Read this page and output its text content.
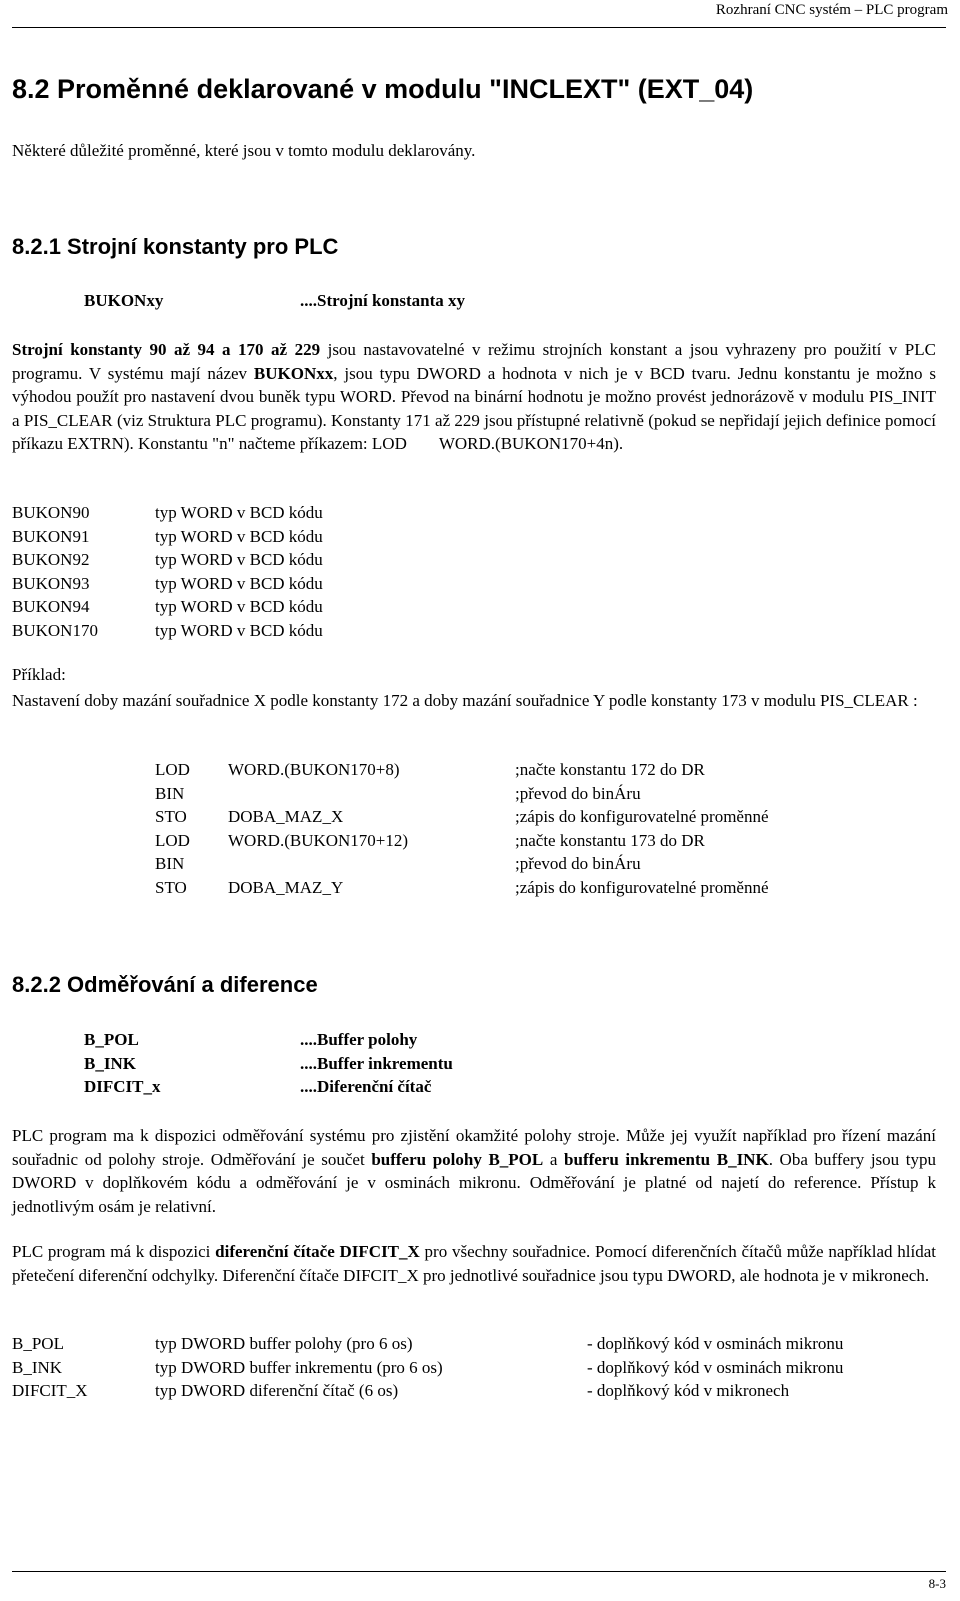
Rozhraní CNC systém – PLC program
8.2 Proměnné deklarované v modulu "INCLEXT" (EXT_04)
Některé důležité proměnné, které jsou v tomto modulu deklarovány.
8.2.1 Strojní konstanty pro PLC
BUKONxy	....Strojní konstanta xy
Strojní konstanty 90 až 94 a 170 až 229 jsou nastavovatelné v režimu strojních konstant a jsou vyhrazeny pro použití v PLC programu. V systému mají název BUKONxx, jsou typu DWORD a hodnota v nich je v BCD tvaru. Jednu konstantu je možno s výhodou použít pro nastavení dvou buněk typu WORD. Převod na binární hodnotu je možno provést jednorázově v modulu PIS_INIT a PIS_CLEAR (viz Struktura PLC programu). Konstanty 171 až 229 jsou přístupné relativně (pokud se nepřidají jejich definice pomocí příkazu EXTRN). Konstantu "n" načteme příkazem: LOD WORD.(BUKON170+4n).
BUKON90	typ WORD v BCD kódu
BUKON91	typ WORD v BCD kódu
BUKON92	typ WORD v BCD kódu
BUKON93	typ WORD v BCD kódu
BUKON94	typ WORD v BCD kódu
BUKON170	typ WORD v BCD kódu
Příklad:
Nastavení doby mazání souřadnice X podle konstanty 172 a doby mazání souřadnice Y podle konstanty 173 v modulu PIS_CLEAR :
LOD	WORD.(BUKON170+8)	;načte konstantu 172 do DR
BIN		;převod do binÁru
STO	DOBA_MAZ_X	;zápis do konfigurovatelné proměnné
LOD	WORD.(BUKON170+12)	;načte konstantu 173 do DR
BIN		;převod do binÁru
STO	DOBA_MAZ_Y	;zápis do konfigurovatelné proměnné
8.2.2 Odměřování a diference
B_POL	....Buffer polohy
B_INK	....Buffer inkrementu
DIFCIT_x	....Diferenční čítač
PLC program ma k dispozici odměřování systému pro zjistění okamžité polohy stroje. Může jej využít například pro řízení mazání souřadnic od polohy stroje. Odměřování je součet bufferu polohy B_POL a bufferu inkrementu B_INK. Oba buffery jsou typu DWORD v doplňkovém kódu a odměřování je v osminách mikronu. Odměřování je platné od najetí do reference. Přístup k jednotlivým osám je relativní.
PLC program má k dispozici diferenční čítače DIFCIT_X pro všechny souřadnice. Pomocí diferenčních čítačů může například hlídat přetečení diferenční odchylky. Diferenční čítače DIFCIT_X pro jednotlivé souřadnice jsou typu DWORD, ale hodnota je v mikronech.
B_POL	typ DWORD buffer polohy (pro 6 os)	- doplňkový kód v osminách mikronu
B_INK	typ DWORD buffer inkrementu (pro 6 os)	- doplňkový kód v osminách mikronu
DIFCIT_X	typ DWORD diferenční čítač (6 os)	- doplňkový kód v mikronech
8-3
